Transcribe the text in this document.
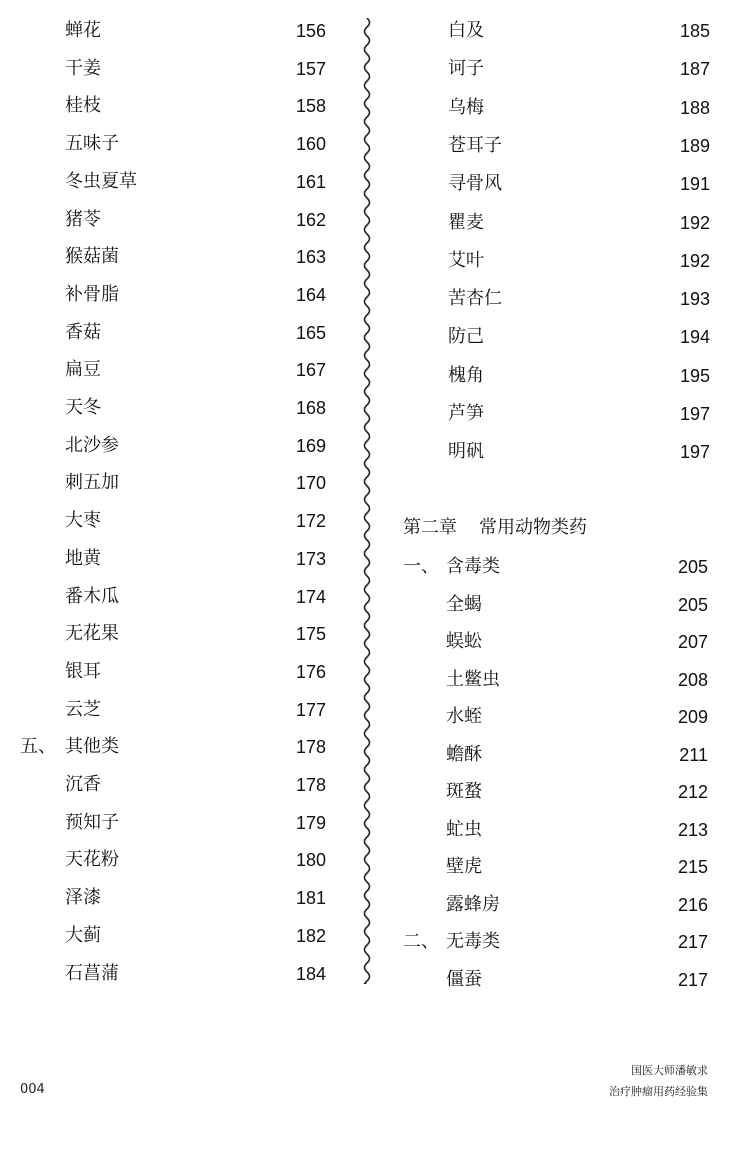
蝉花	156
干姜	157
桂枝	158
五味子	160
冬虫夏草	161
猪苓	162
猴菇菌	163
补骨脂	164
香菇	165
扁豆	167
天冬	168
北沙参	169
刺五加	170
大枣	172
地黄	173
番木瓜	174
无花果	175
银耳	176
云芝	177
五、 其他类	178
沉香	178
预知子	179
天花粉	180
泽漆	181
大蓟	182
石菖蒲	184
白及	185
诃子	187
乌梅	188
苍耳子	189
寻骨风	191
瞿麦	192
艾叶	192
苦杏仁	193
防己	194
槐角	195
芦笋	197
明矾	197
第二章 常用动物类药
一、 含毒类	205
全蝎	205
蜈蚣	207
土鳖虫	208
水蛭	209
蟾酥	211
斑蝥	212
虻虫	213
壁虎	215
露蜂房	216
二、 无毒类	217
僵蚕	217
004
国医大师潘敏求
治疗肿瘤用药经验集
